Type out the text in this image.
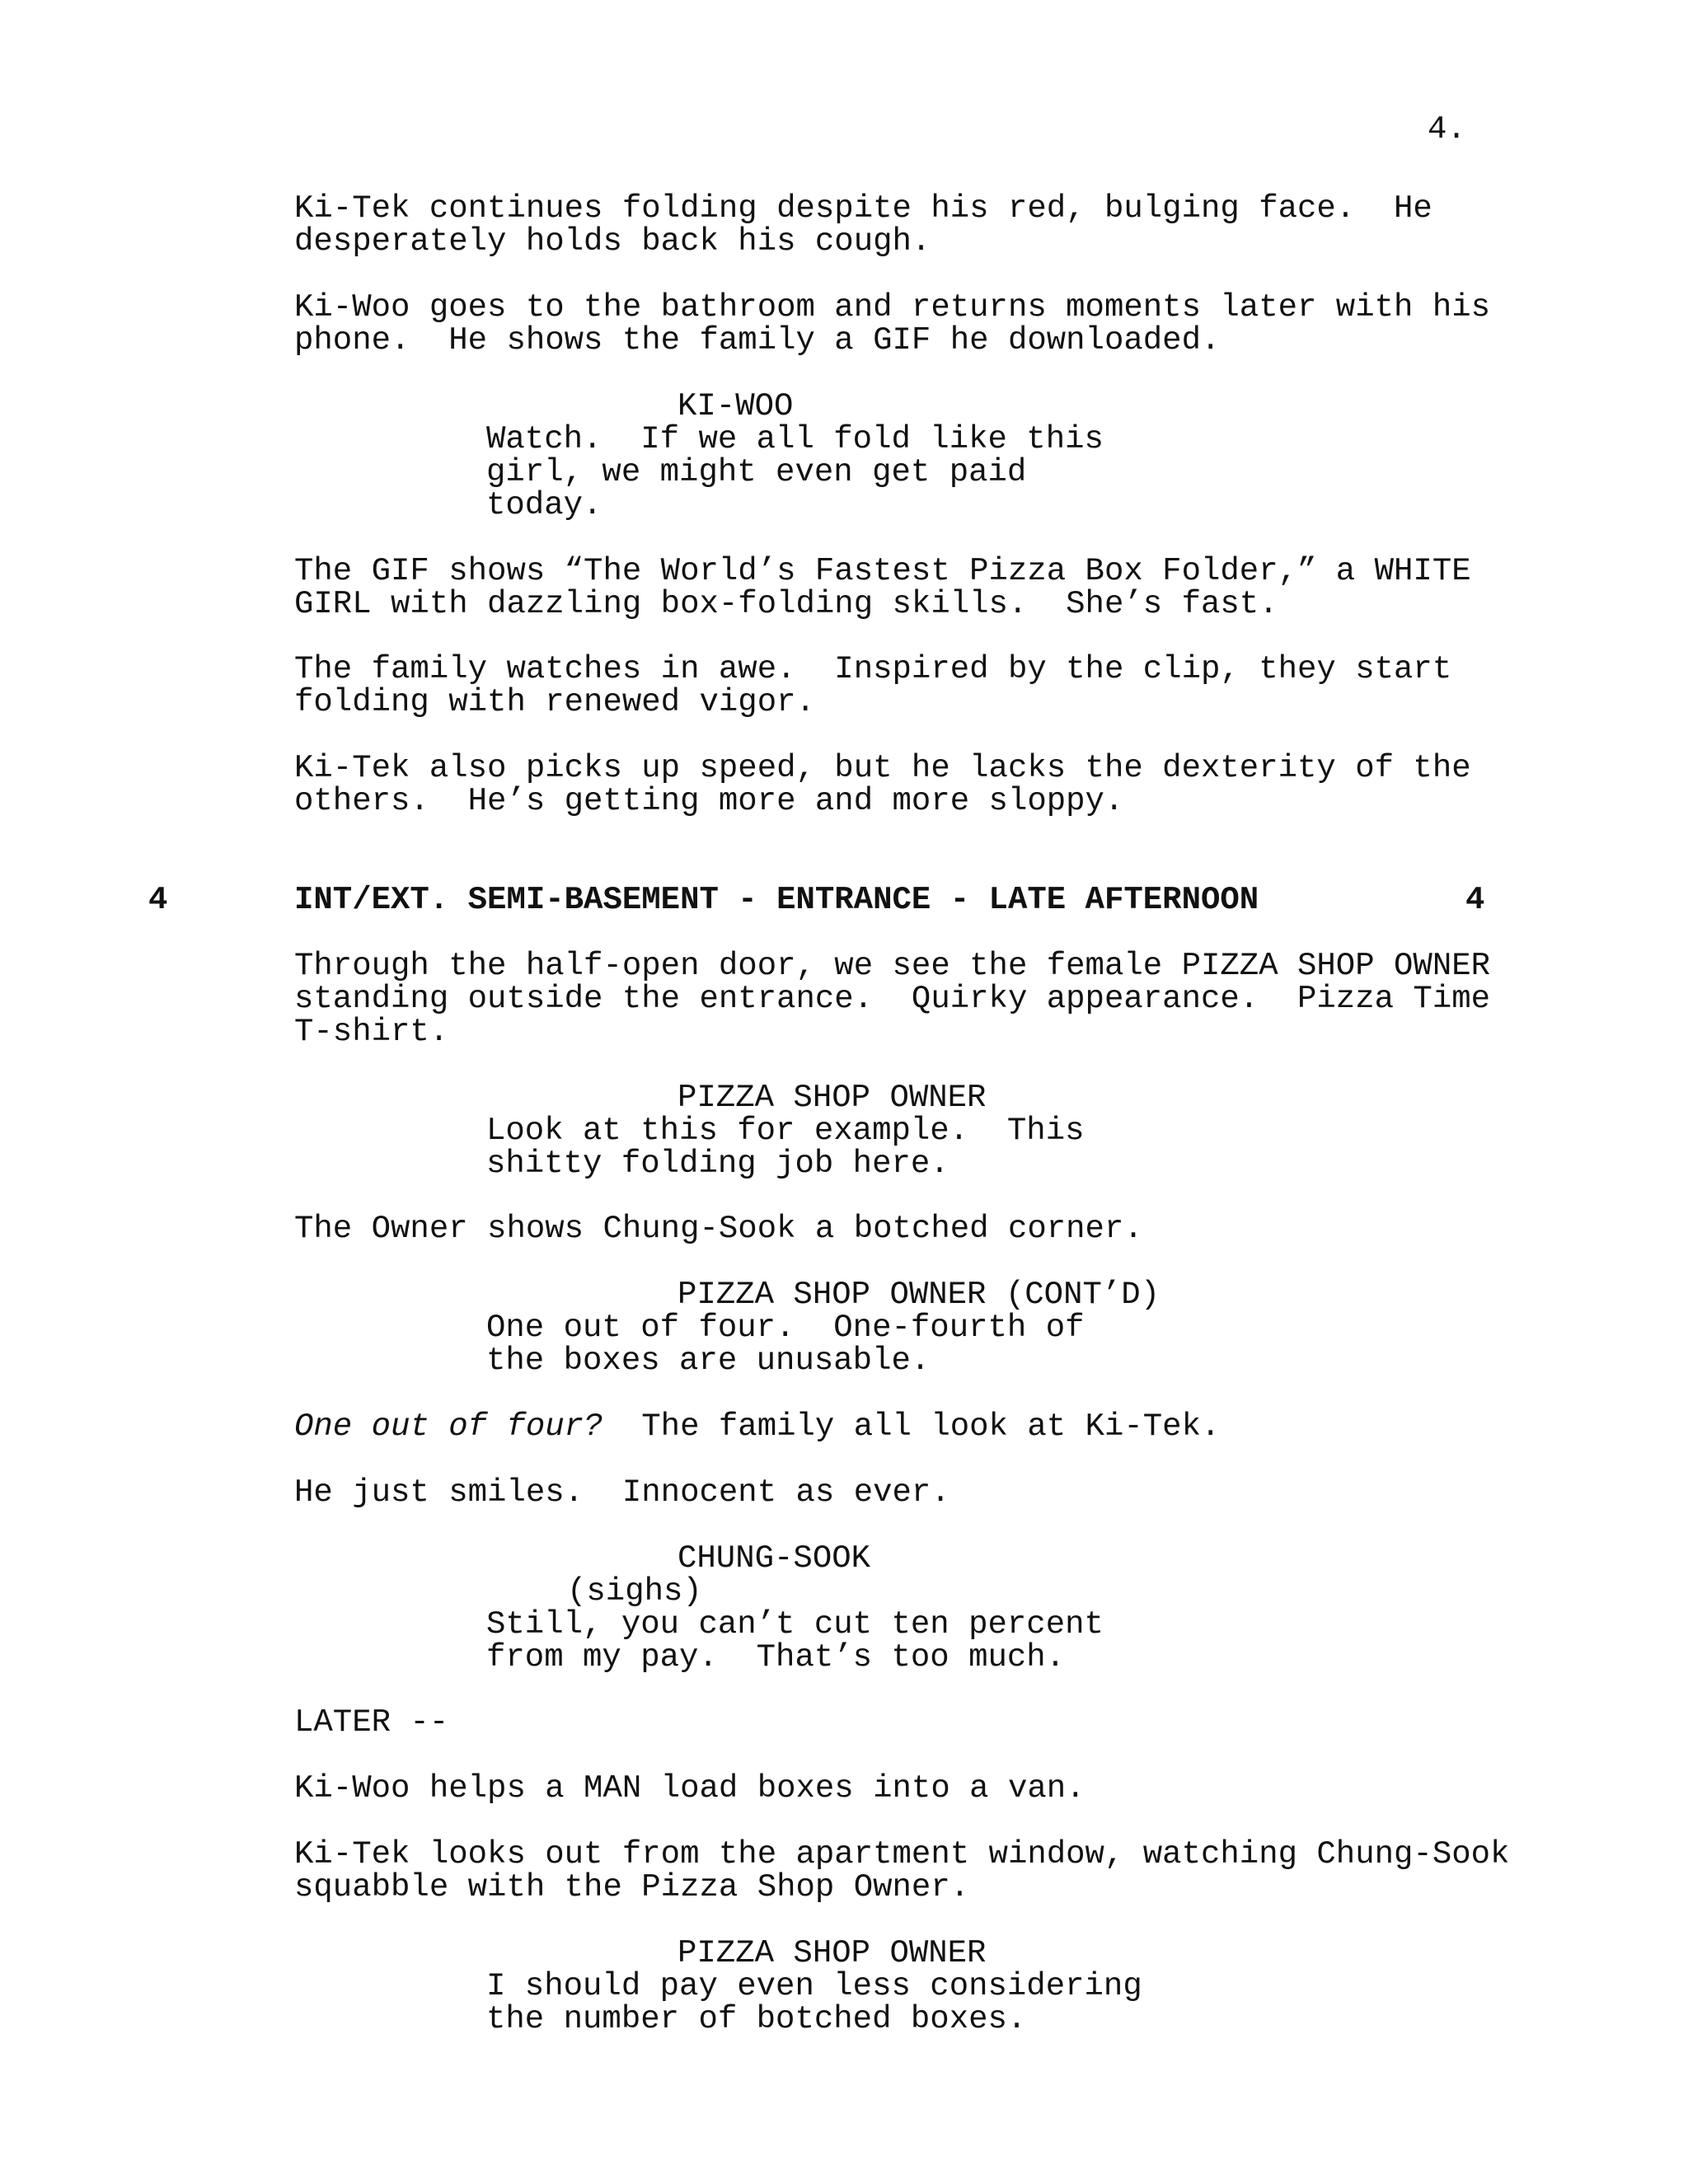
4.
Ki-Tek continues folding despite his red, bulging face.  He
desperately holds back his cough.
Ki-Woo goes to the bathroom and returns moments later with his
phone.  He shows the family a GIF he downloaded.
KI-WOO
Watch.  If we all fold like this
girl, we might even get paid
today.
The GIF shows “The World’s Fastest Pizza Box Folder,” a WHITE
GIRL with dazzling box-folding skills.  She’s fast.
The family watches in awe.  Inspired by the clip, they start
folding with renewed vigor.
Ki-Tek also picks up speed, but he lacks the dexterity of the
others.  He’s getting more and more sloppy.
4	INT/EXT. SEMI-BASEMENT - ENTRANCE - LATE AFTERNOON	4
Through the half-open door, we see the female PIZZA SHOP OWNER
standing outside the entrance.  Quirky appearance.  Pizza Time
T-shirt.
PIZZA SHOP OWNER
Look at this for example.  This
shitty folding job here.
The Owner shows Chung-Sook a botched corner.
PIZZA SHOP OWNER (CONT’D)
One out of four.  One-fourth of
the boxes are unusable.
One out of four?  The family all look at Ki-Tek.
He just smiles.  Innocent as ever.
CHUNG-SOOK
(sighs)
Still, you can’t cut ten percent
from my pay.  That’s too much.
LATER --
Ki-Woo helps a MAN load boxes into a van.
Ki-Tek looks out from the apartment window, watching Chung-Sook
squabble with the Pizza Shop Owner.
PIZZA SHOP OWNER
I should pay even less considering
the number of botched boxes.
